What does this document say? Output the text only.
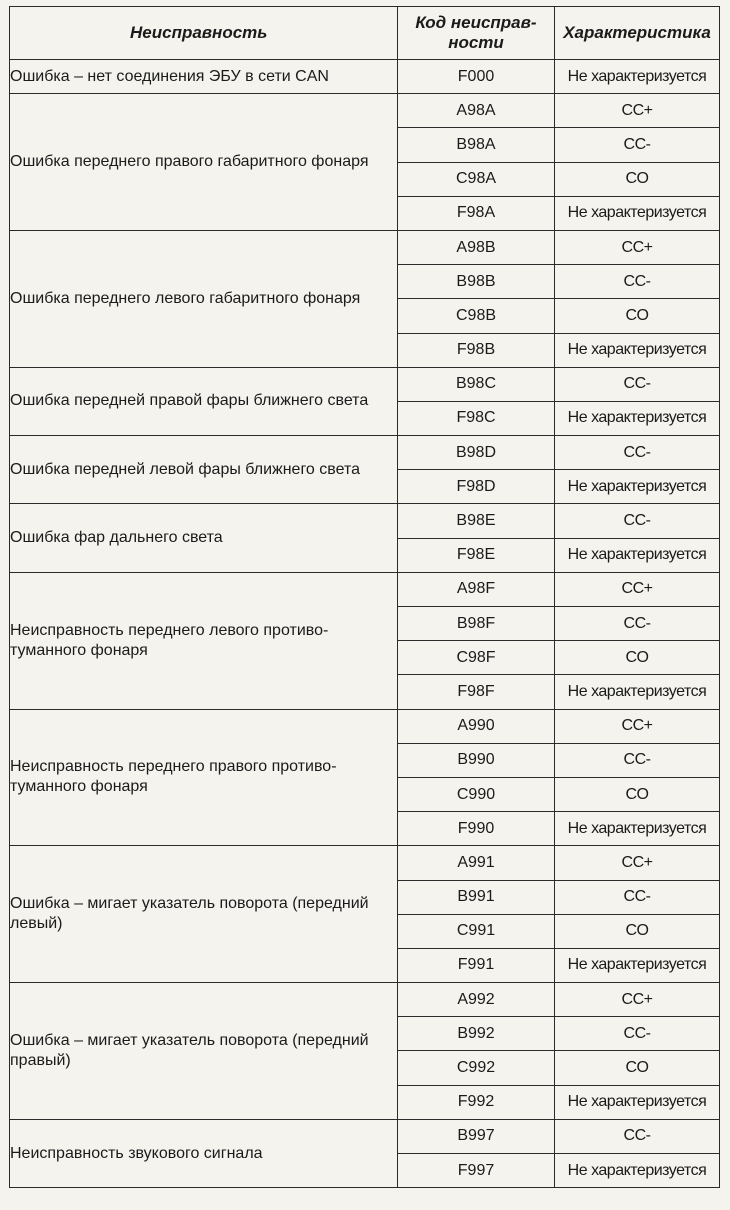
Неисправность	Код неисправ-ности	Характеристика
Ошибка – нет соединения ЭБУ в сети CAN	F000	Не характеризуется
Ошибка переднего правого габаритного фонаря	A98A	CC+
	B98A	CC-
	C98A	CO
	F98A	Не характеризуется
Ошибка переднего левого габаритного фонаря	A98B	CC+
	B98B	CC-
	C98B	CO
	F98B	Не характеризуется
Ошибка передней правой фары ближнего света	B98C	CC-
	F98C	Не характеризуется
Ошибка передней левой фары ближнего света	B98D	CC-
	F98D	Не характеризуется
Ошибка фар дальнего света	B98E	CC-
	F98E	Не характеризуется
Неисправность переднего левого противо-туманного фонаря	A98F	CC+
	B98F	CC-
	C98F	CO
	F98F	Не характеризуется
Неисправность переднего правого противо-туманного фонаря	A990	CC+
	B990	CC-
	C990	CO
	F990	Не характеризуется
Ошибка – мигает указатель поворота (передний левый)	A991	CC+
	B991	CC-
	C991	CO
	F991	Не характеризуется
Ошибка – мигает указатель поворота (передний правый)	A992	CC+
	B992	CC-
	C992	CO
	F992	Не характеризуется
Неисправность звукового сигнала	B997	CC-
	F997	Не характеризуется
